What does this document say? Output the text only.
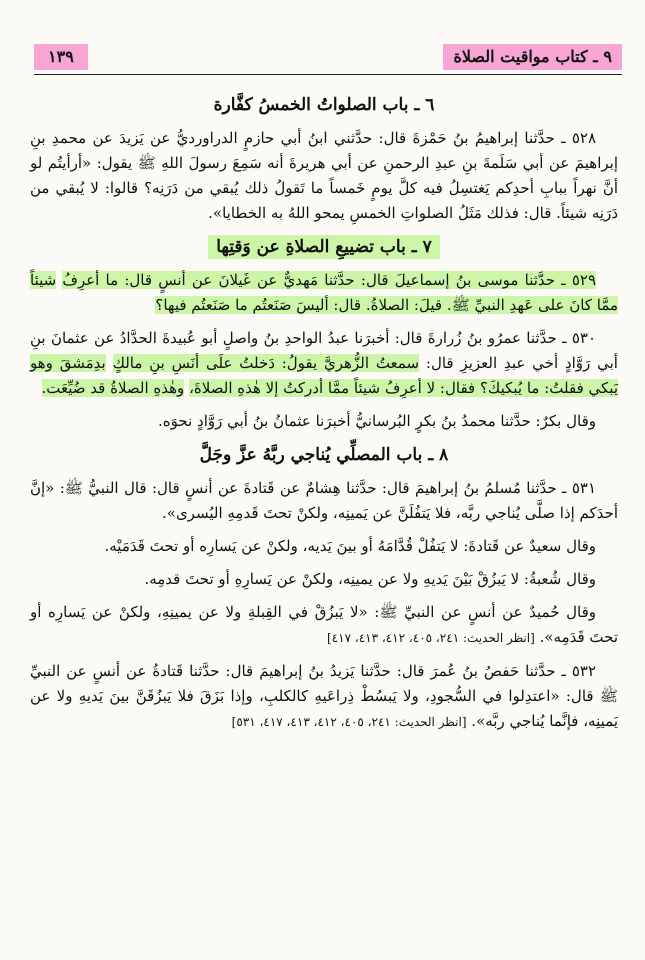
٩ ـ كتاب مواقيت الصلاة
١٣٩
٦ ـ باب الصلواتُ الخمسُ كفَّارة

٥٢٨ ـ حدَّثنا إبراهيمُ بنُ حَمْزةَ قال: حدَّثني ابنُ أبي حازمٍ الدراورديُّ عن يَزيدَ عن محمدِ بنِ إبراهيمَ عن أبي سَلَمةَ بنِ عبدِ الرحمنِ عن أبي هريرةَ أنه سَمِعَ رسولَ اللهِ ﷺ يقول: «أرأيتُم لو أنَّ نهراً ببابِ أحدِكم يَغتسِلُ فيه كلَّ يومٍ خَمساً ما تَقولُ ذلك يُبقي من دَرَنِه؟ قالوا: لا يُبقي من دَرَنِه شيئاً. قال: فذلك مَثَلُ الصلواتِ الخمسِ يمحو اللهُ به الخطايا».

٧ ـ باب تضييعِ الصلاةِ عن وَقتِها

٥٢٩ ـ حدَّثنا موسى بنُ إسماعيلَ قال: حدَّثنا مَهديٌّ عن غَيلانَ عن أنسٍ قال: ما أعرِفُ شيئاً ممَّا كانَ على عَهدِ النبيِّ ﷺ. قيلَ: الصلاةُ. قال: أليسَ صَنَعتُم ما صَنَعتُم فيها؟

٥٣٠ ـ حدَّثنا عمرُو بنُ زُرارةَ قال: أخبرَنا عبدُ الواحدِ بنُ واصلٍ أبو عُبيدةَ الحدَّادُ عن عثمانَ بنِ أبي رَوَّادٍ أخي عبدِ العزيزِ قال: سمعتُ الزُّهريَّ يقولُ: دَخلتُ علَى أنَسِ بنِ مالكٍ بدِمَشقَ وهو يَبكي فقلتُ: ما يُبكيكَ؟ فقال: لا أعرِفُ شيئاً ممَّا أدركتُ إلا هٰذهِ الصلاةَ، وهٰذهِ الصلاةُ قد ضُيِّعَت.

وقال بكرٌ: حدَّثنا محمدُ بنُ بكرٍ البُرسانيُّ أخبرَنا عثمانُ بنُ أبي رَوَّادٍ نحوَه.

٨ ـ باب المصلِّي يُناجي ربَّهُ عزَّ وجَلَّ

٥٣١ ـ حدَّثنا مُسلمُ بنُ إبراهيمَ قال: حدَّثنا هِشامٌ عن قَتادةَ عن أنسٍ قال: قال النبيُّ ﷺ: «إنَّ أحدَكم إذا صلَّى يُناجي ربَّه، فلا يَتفُلَنَّ عن يَمينِه، ولكنْ تحتَ قَدمِهِ اليُسرى».

وقال سعيدٌ عن قَتادةَ: لا يَتفُلْ قُدَّامَهُ أو بينَ يَديه، ولكنْ عن يَسارِه أو تحتَ قَدَمَيْه.

وقال شُعبةُ: لا يَبزُقْ بَيْنَ يَديهِ ولا عن يمينِه، ولكنْ عن يَسارِهِ أو تحتَ قدمِه.

وقال حُميدٌ عن أنسٍ عن النبيِّ ﷺ: «لا يَبزُقْ في القِبلةِ ولا عن يمينِهِ، ولكنْ عن يَسارِه أو تحتَ قَدَمِه». [انظر الحديث: ٢٤١، ٤٠٥، ٤١٢، ٤١٣، ٤١٧]

٥٣٢ ـ حدَّثنا حَفصُ بنُ عُمرَ قال: حدَّثنا يَزيدُ بنُ إبراهيمَ قال: حدَّثنا قَتادةُ عن أنسٍ عن النبيِّ ﷺ قال: «اعتدِلوا في السُّجودِ، ولا يَبسُطْ ذِراعَيهِ كالكلبِ، وإذا بَزَقَ فلا يَبزُقَنَّ بينَ يَديهِ ولا عن يَمينِه، فإنَّما يُناجي ربَّه». [انظر الحديث: ٢٤١، ٤٠٥، ٤١٢، ٤١٣، ٤١٧، ٥٣١]
